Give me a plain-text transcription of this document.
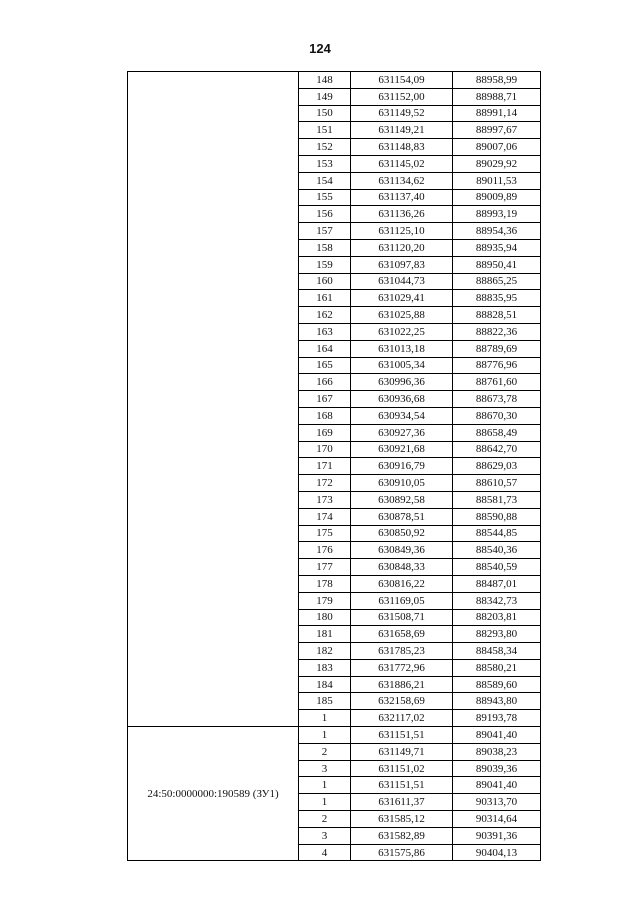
124
	148	631154,09	88958,99
	149	631152,00	88988,71
	150	631149,52	88991,14
	151	631149,21	88997,67
	152	631148,83	89007,06
	153	631145,02	89029,92
	154	631134,62	89011,53
	155	631137,40	89009,89
	156	631136,26	88993,19
	157	631125,10	88954,36
	158	631120,20	88935,94
	159	631097,83	88950,41
	160	631044,73	88865,25
	161	631029,41	88835,95
	162	631025,88	88828,51
	163	631022,25	88822,36
	164	631013,18	88789,69
	165	631005,34	88776,96
	166	630996,36	88761,60
	167	630936,68	88673,78
	168	630934,54	88670,30
	169	630927,36	88658,49
	170	630921,68	88642,70
	171	630916,79	88629,03
	172	630910,05	88610,57
	173	630892,58	88581,73
	174	630878,51	88590,88
	175	630850,92	88544,85
	176	630849,36	88540,36
	177	630848,33	88540,59
	178	630816,22	88487,01
	179	631169,05	88342,73
	180	631508,71	88203,81
	181	631658,69	88293,80
	182	631785,23	88458,34
	183	631772,96	88580,21
	184	631886,21	88589,60
	185	632158,69	88943,80
	1	632117,02	89193,78
24:50:0000000:190589 (ЗУ1)	1	631151,51	89041,40
	2	631149,71	89038,23
	3	631151,02	89039,36
	1	631151,51	89041,40
	1	631611,37	90313,70
	2	631585,12	90314,64
	3	631582,89	90391,36
	4	631575,86	90404,13
